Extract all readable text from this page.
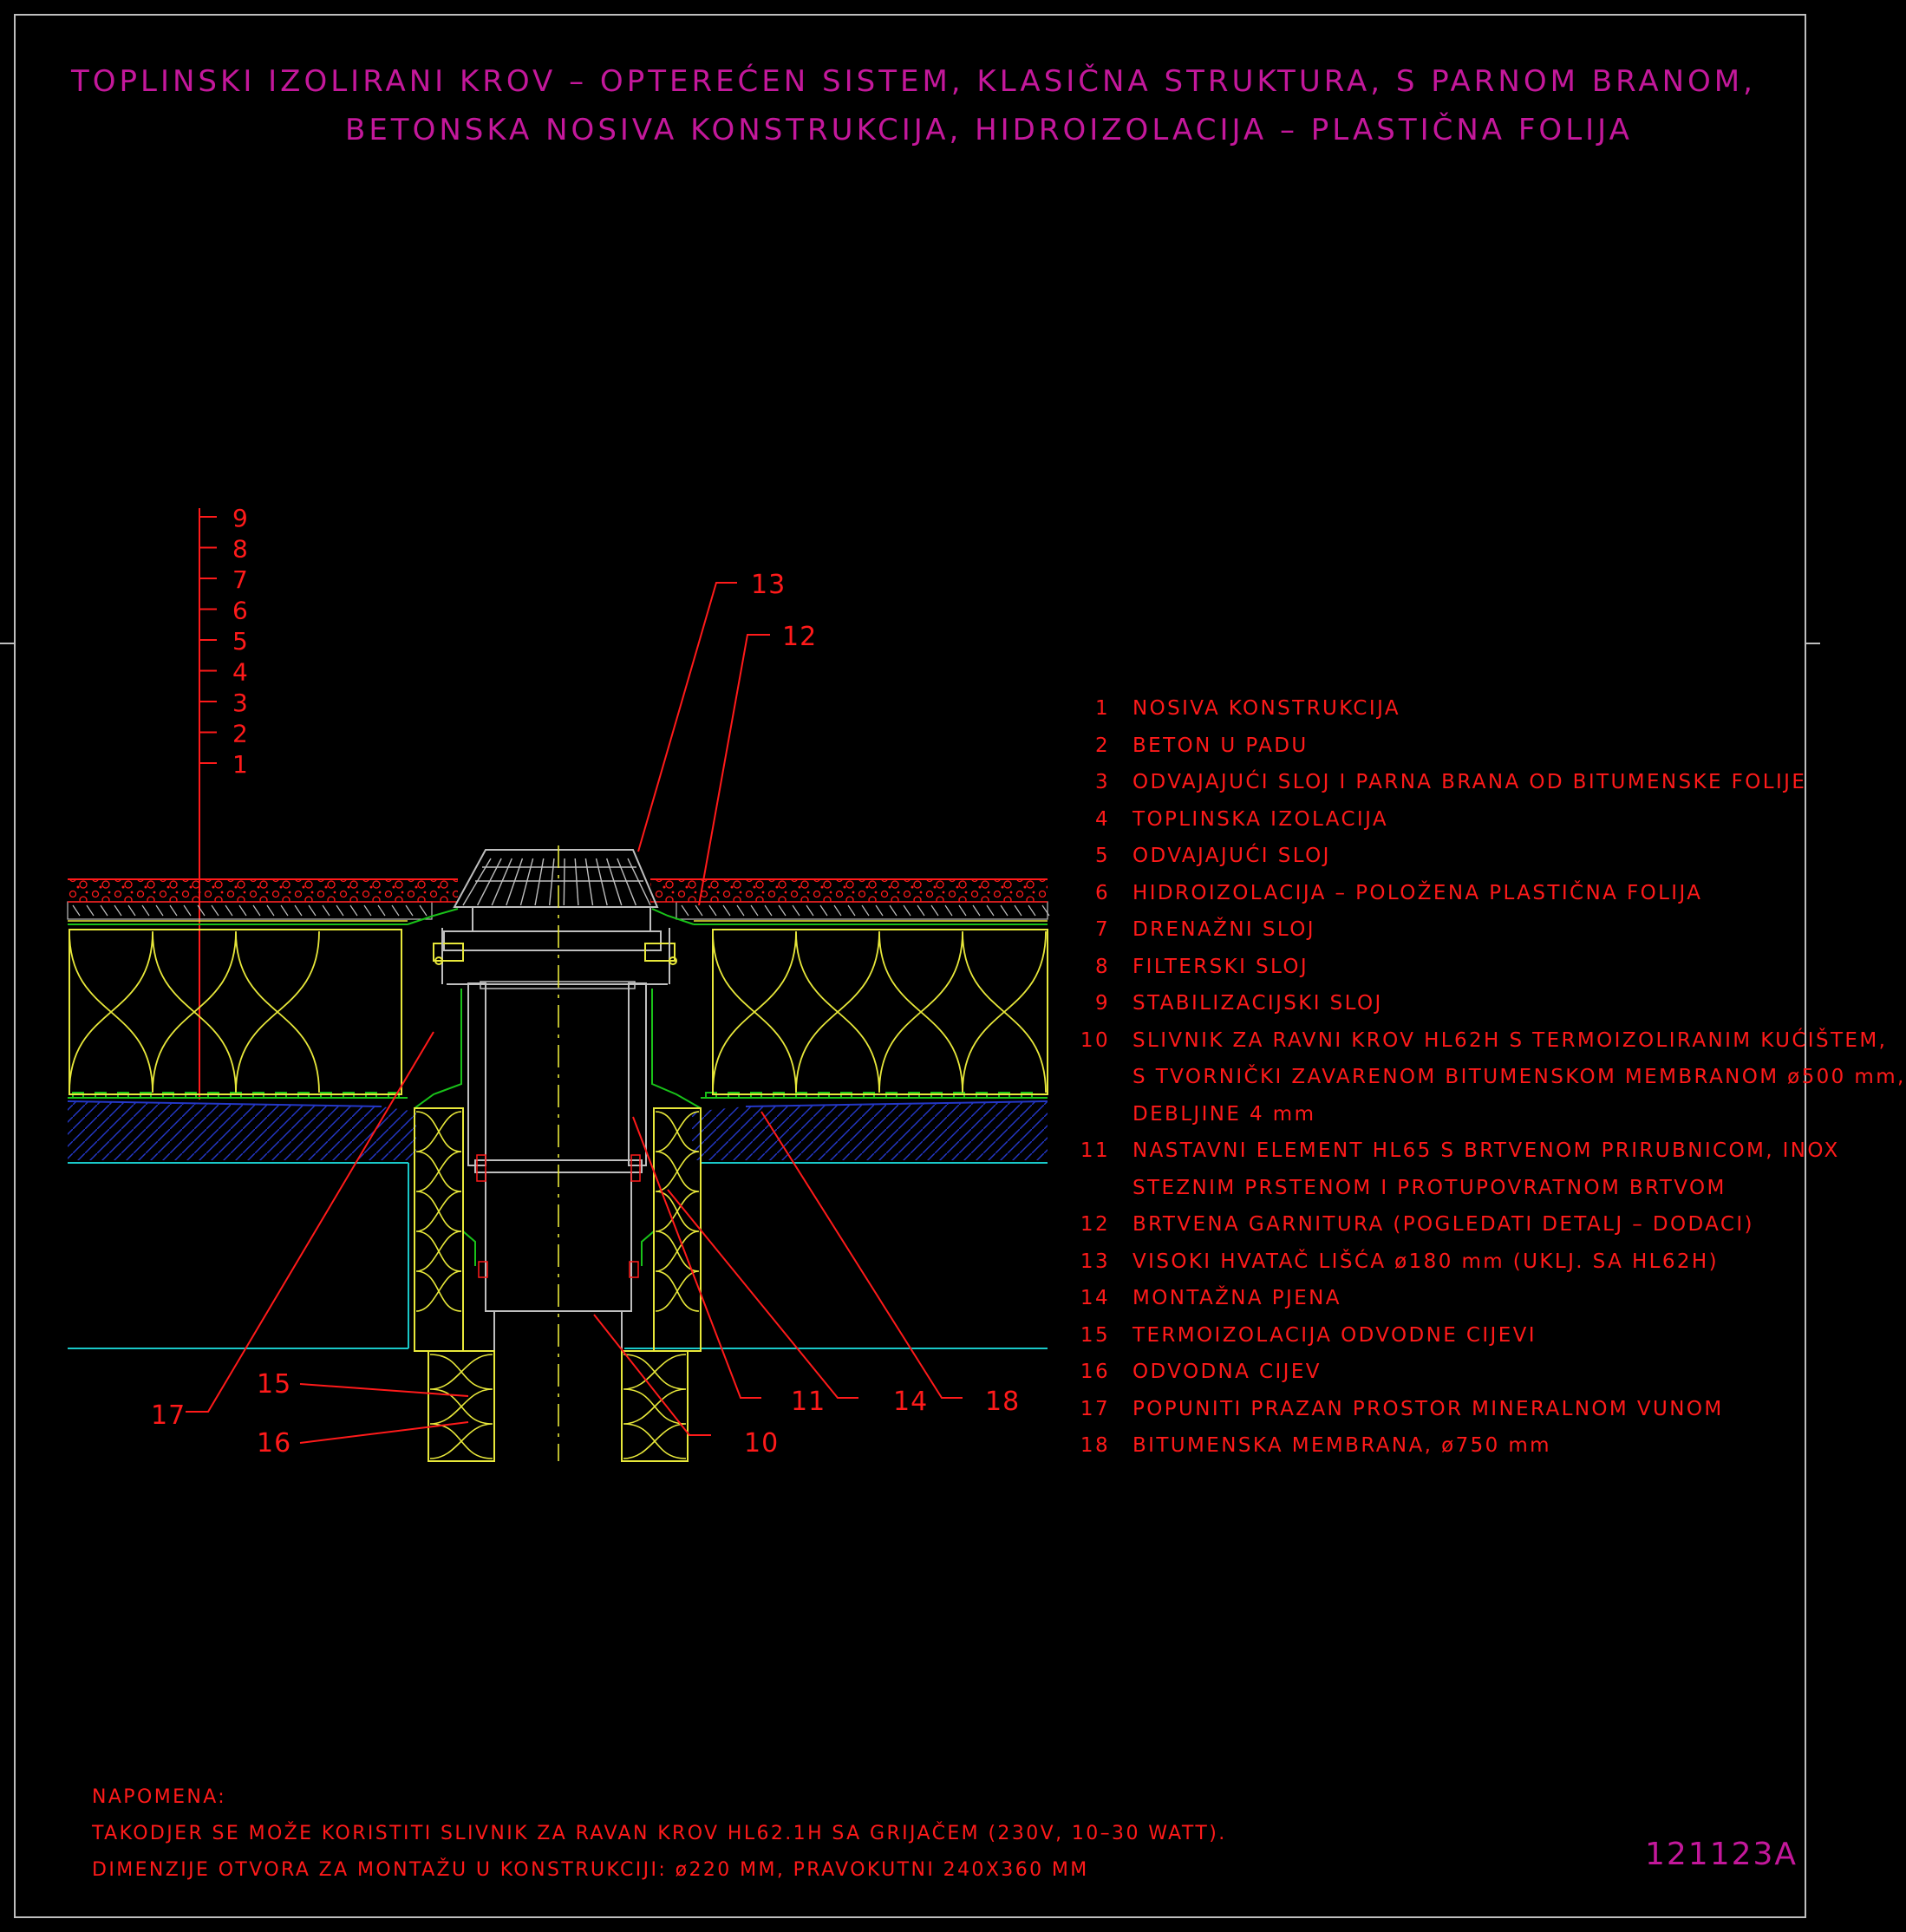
9
8
7
6
5
4
3
2
1
13
12
17
15
16	10
11	14 18
TOPLINSKI IZOLIRANI KROV – OPTEREĆEN SISTEM, KLASIČNA STRUKTURA, S PARNOM BRANOM,
BETONSKA NOSIVA KONSTRUKCIJA, HIDROIZOLACIJA – PLASTIČNA FOLIJA
1	NOSIVA KONSTRUKCIJA
2	BETON U PADU
3	ODVAJAJUĆI SLOJ I PARNA BRANA OD BITUMENSKE FOLIJE
4	TOPLINSKA IZOLACIJA
5	ODVAJAJUĆI SLOJ
6	HIDROIZOLACIJA – POLOŽENA PLASTIČNA FOLIJA
7	DRENAŽNI SLOJ
8	FILTERSKI SLOJ
9	STABILIZACIJSKI SLOJ
10	SLIVNIK ZA RAVNI KROV HL62H S TERMOIZOLIRANIM KUĆIŠTEM,
S TVORNIČKI ZAVARENOM BITUMENSKOM MEMBRANOM ø500 mm,
DEBLJINE 4 mm
11	NASTAVNI ELEMENT HL65 S BRTVENOM PRIRUBNICOM, INOX
STEZNIM PRSTENOM I PROTUPOVRATNOM BRTVOM
12	BRTVENA GARNITURA (POGLEDATI DETALJ – DODACI)
13	VISOKI HVATAČ LIŠĆA ø180 mm (UKLJ. SA HL62H)
14	MONTAŽNA PJENA
15	TERMOIZOLACIJA ODVODNE CIJEVI
16	ODVODNA CIJEV
17	POPUNITI PRAZAN PROSTOR MINERALNOM VUNOM
18	BITUMENSKA MEMBRANA, ø750 mm
NAPOMENA:
TAKODJER SE MOŽE KORISTITI SLIVNIK ZA RAVAN KROV HL62.1H SA GRIJAČEM (230V, 10–30 WATT).
DIMENZIJE OTVORA ZA MONTAŽU U KONSTRUKCIJI: ø220 MM, PRAVOKUTNI 240X360 MM	121123A
